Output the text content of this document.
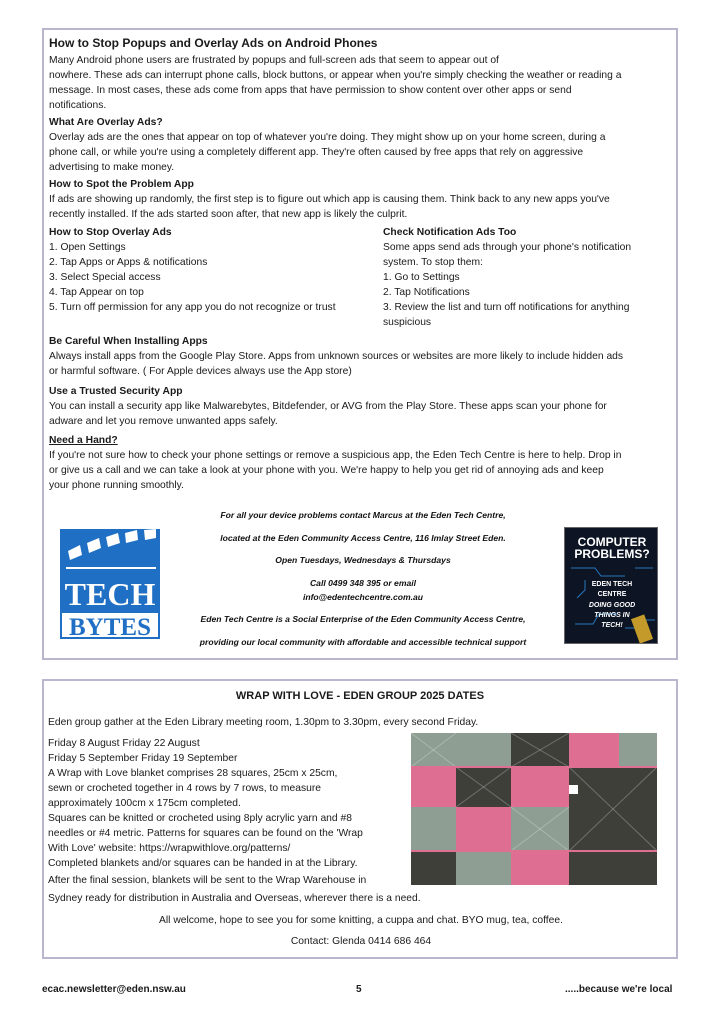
How to Stop Popups and Overlay Ads on Android Phones
Many Android phone users are frustrated by popups and full-screen ads that seem to appear out of
nowhere. These ads can interrupt phone calls, block buttons, or appear when you're simply checking the weather or reading a
message. In most cases, these ads come from apps that have permission to show content over other apps or send
notifications.
What Are Overlay Ads?
Overlay ads are the ones that appear on top of whatever you're doing. They might show up on your home screen, during a
phone call, or while you're using a completely different app. They're often caused by free apps that rely on aggressive
advertising to make money.
How to Spot the Problem App
If ads are showing up randomly, the first step is to figure out which app is causing them. Think back to any new apps you've
recently installed. If the ads started soon after, that new app is likely the culprit.
How to Stop Overlay Ads
1. Open Settings
2. Tap Apps or Apps & notifications
3. Select Special access
4. Tap Appear on top
5. Turn off permission for any app you do not recognize or trust
Check Notification Ads Too
Some apps send ads through your phone's notification
system. To stop them:
1. Go to Settings
2. Tap Notifications
3. Review the list and turn off notifications for anything
suspicious
Be Careful When Installing Apps
Always install apps from the Google Play Store. Apps from unknown sources or websites are more likely to include hidden ads
or harmful software. ( For Apple devices always use the App store)
Use a Trusted Security App
You can install a security app like Malwarebytes, Bitdefender, or AVG from the Play Store. These apps scan your phone for
adware and let you remove unwanted apps safely.
Need a Hand?
If you're not sure how to check your phone settings or remove a suspicious app, the Eden Tech Centre is here to help. Drop in
or give us a call and we can take a look at your phone with you. We're happy to help you get rid of annoying ads and keep
your phone running smoothly.
For all your device problems contact Marcus at the Eden Tech Centre,
located at the Eden Community Access Centre, 116 Imlay Street Eden.
Open Tuesdays, Wednesdays & Thursdays
Call 0499 348 395 or email
info@edentechcentre.com.au
Eden Tech Centre is a Social Enterprise of the Eden Community Access Centre,
providing our local community with affordable and accessible technical support
TECH
BYTES
COMPUTER
PROBLEMS?
EDEN TECH
CENTRE
DOING GOOD
THINGS IN
TECH!
WRAP WITH LOVE - EDEN GROUP 2025 DATES
Eden group gather at the Eden Library meeting room, 1.30pm to 3.30pm, every second Friday.
Friday 8 August Friday 22 August
Friday 5 September Friday 19 September
A Wrap with Love blanket comprises 28 squares, 25cm x 25cm,
sewn or crocheted together in 4 rows by 7 rows, to measure
approximately 100cm x 175cm completed.
Squares can be knitted or crocheted using 8ply acrylic yarn and #8
needles or #4 metric. Patterns for squares can be found on the 'Wrap
With Love' website: https://wrapwithlove.org/patterns/
Completed blankets and/or squares can be handed in at the Library.
After the final session, blankets will be sent to the Wrap Warehouse in
Sydney ready for distribution in Australia and Overseas, wherever there is a need.
All welcome, hope to see you for some knitting, a cuppa and chat. BYO mug, tea, coffee.
Contact: Glenda 0414 686 464
ecac.newsletter@eden.nsw.au	5	.....because we're local
